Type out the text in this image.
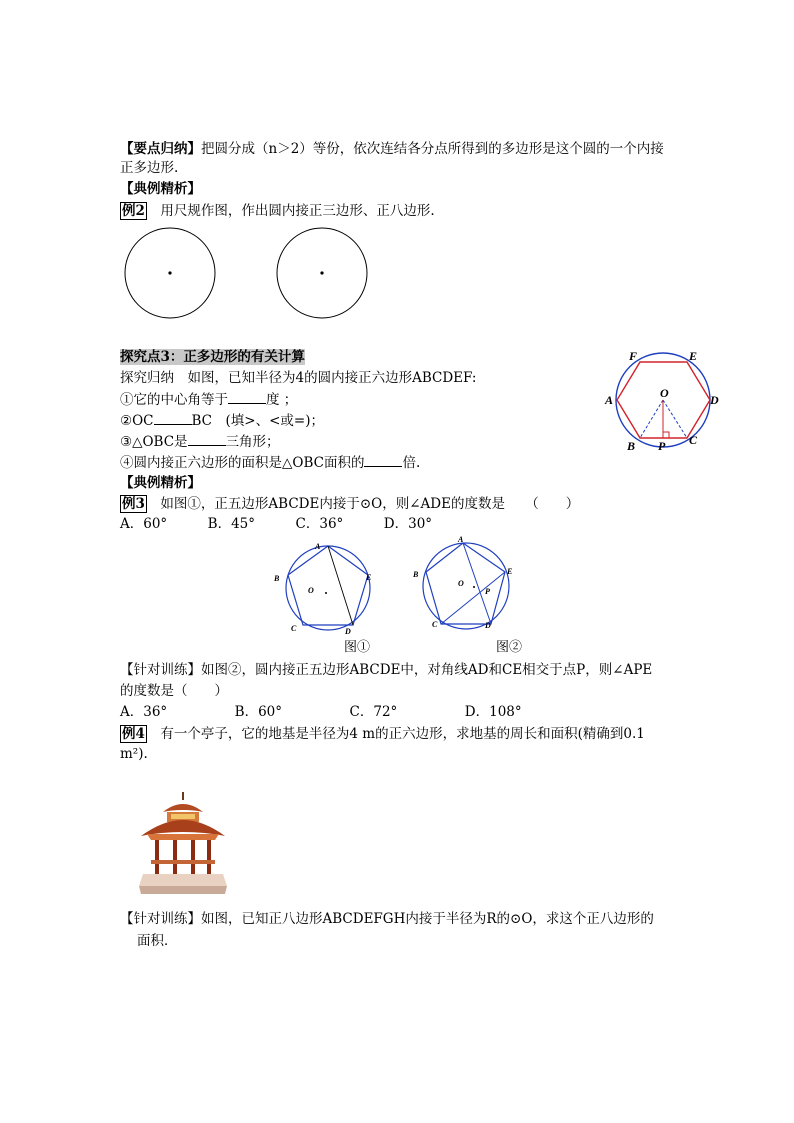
【要点归纳】把圆分成（n＞2）等份，依次连结各分点所得到的多边形是这个圆的一个内接
正多边形.
【典例精析】
例2　用尺规作图，作出圆内接正三边形、正八边形.
探究点3：正多边形的有关计算
探究归纳　如图，已知半径为4的圆内接正六边形ABCDEF:
①它的中心角等于	度 ；
②OC	BC　(填>、<或=)；
③△OBC是	三角形；
④圆内接正六边形的面积是△OBC面积的	倍.
F	E
A	O	D
B P C
【典例精析】
例3　如图①，正五边形ABCDE内接于⊙O，则∠ADE的度数是　　（　　）
A．60°　　　B．45°　　　C．36°　　　D．30°
A
B	E
O
C	D
图①
A
B	E
O
P
C	D
图②
【针对训练】如图②，圆内接正五边形ABCDE中，对角线AD和CE相交于点P，则∠APE
的度数是（　　）
A．36°　　　　　B．60°　　　　　C．72°　　　　　D．108°
例4　有一个亭子，它的地基是半径为4 m的正六边形，求地基的周长和面积(精确到0.1
m²).
【针对训练】如图，已知正八边形ABCDEFGH内接于半径为R的⊙O，求这个正八边形的
面积．
